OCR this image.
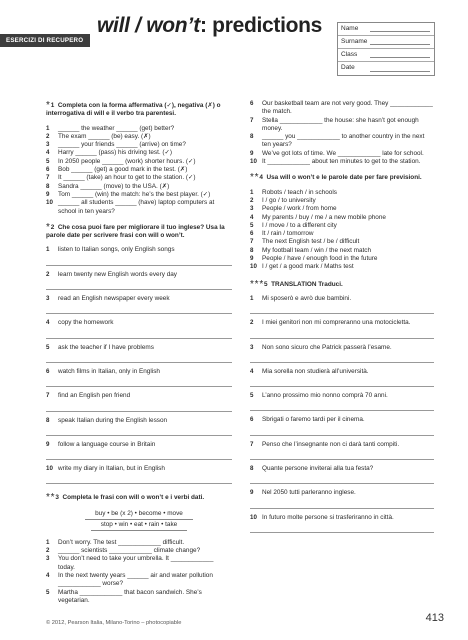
ESERCIZI DI RECUPERO
will / won’t: predictions	Name
Surname
Class
Date
* 1 Completa con la forma affermativa (✓), negativa (✗) o interrogativa di will e il verbo tra parentesi.
1	______ the weather ______ (get) better?
2	The exam ______ (be) easy. (✗)
3	______ your friends ______ (arrive) on time?
4	Harry ______ (pass) his driving test. (✓)
5	In 2050 people ______ (work) shorter hours. (✓)
6	Bob ______ (get) a good mark in the test. (✗)
7	It ______ (take) an hour to get to the station. (✓)
8	Sandra ______ (move) to the USA. (✗)
9	Tom ______ (win) the match: he’s the best player. (✓)
10 ______ all students ______ (have) laptop computers at school in ten years?
* 2 Che cosa puoi fare per migliorare il tuo inglese? Usa la parole date per scrivere frasi con will o won’t.
1	listen to Italian songs, only English songs
2	learn twenty new English words every day
3	read an English newspaper every week
4	copy the homework
5	ask the teacher if I have problems
6	watch films in Italian, only in English
7	find an English pen friend
8	speak Italian during the English lesson
9	follow a language course in Britain
10 write my diary in Italian, but in English
* * 3 Completa le frasi con will o won’t e i verbi dati.
buy • be (x 2) • become • move
stop • win • eat • rain • take
1	Don’t worry. The test ____________ difficult.
2	______ scientists ____________ climate change?
3	You don’t need to take your umbrella. It ____________ today.
4	In the next twenty years ______ air and water pollution ____________ worse?
5	Martha ____________ that bacon sandwich. She’s vegetarian.
6	Our basketball team are not very good. They ____________ the match.
7	Stella ____________ the house: she hasn’t got enough money.
8	______ you ____________ to another country in the next ten years?
9	We’ve got lots of time. We ____________ late for school.
10 It ____________ about ten minutes to get to the station.
* * 4 Usa will o won’t e le parole date per fare previsioni.
1	Robots / teach / in schools
2	I / go / to university
3	People / work / from home
4	My parents / buy / me / a new mobile phone
5	I / move / to a different city
6	It / rain / tomorrow
7	The next English test / be / difficult
8	My football team / win / the next match
9	People / have / enough food in the future
10 I / get / a good mark / Maths test
* * * 5 TRANSLATION Traduci.
1	Mi sposerò e avrò due bambini.
2	I miei genitori non mi compreranno una motocicletta.
3	Non sono sicuro che Patrick passerà l’esame.
4	Mia sorella non studierà all’università.
5	L’anno prossimo mio nonno comprà 70 anni.
6	Sbrigati o faremo tardi per il cinema.
7	Penso che l’insegnante non ci darà tanti compiti.
8	Quante persone inviterai alla tua festa?
9	Nel 2050 tutti parleranno inglese.
10 In futuro molte persone si trasferiranno in città.
© 2012, Pearson Italia, Milano-Torino – photocopiable	413
